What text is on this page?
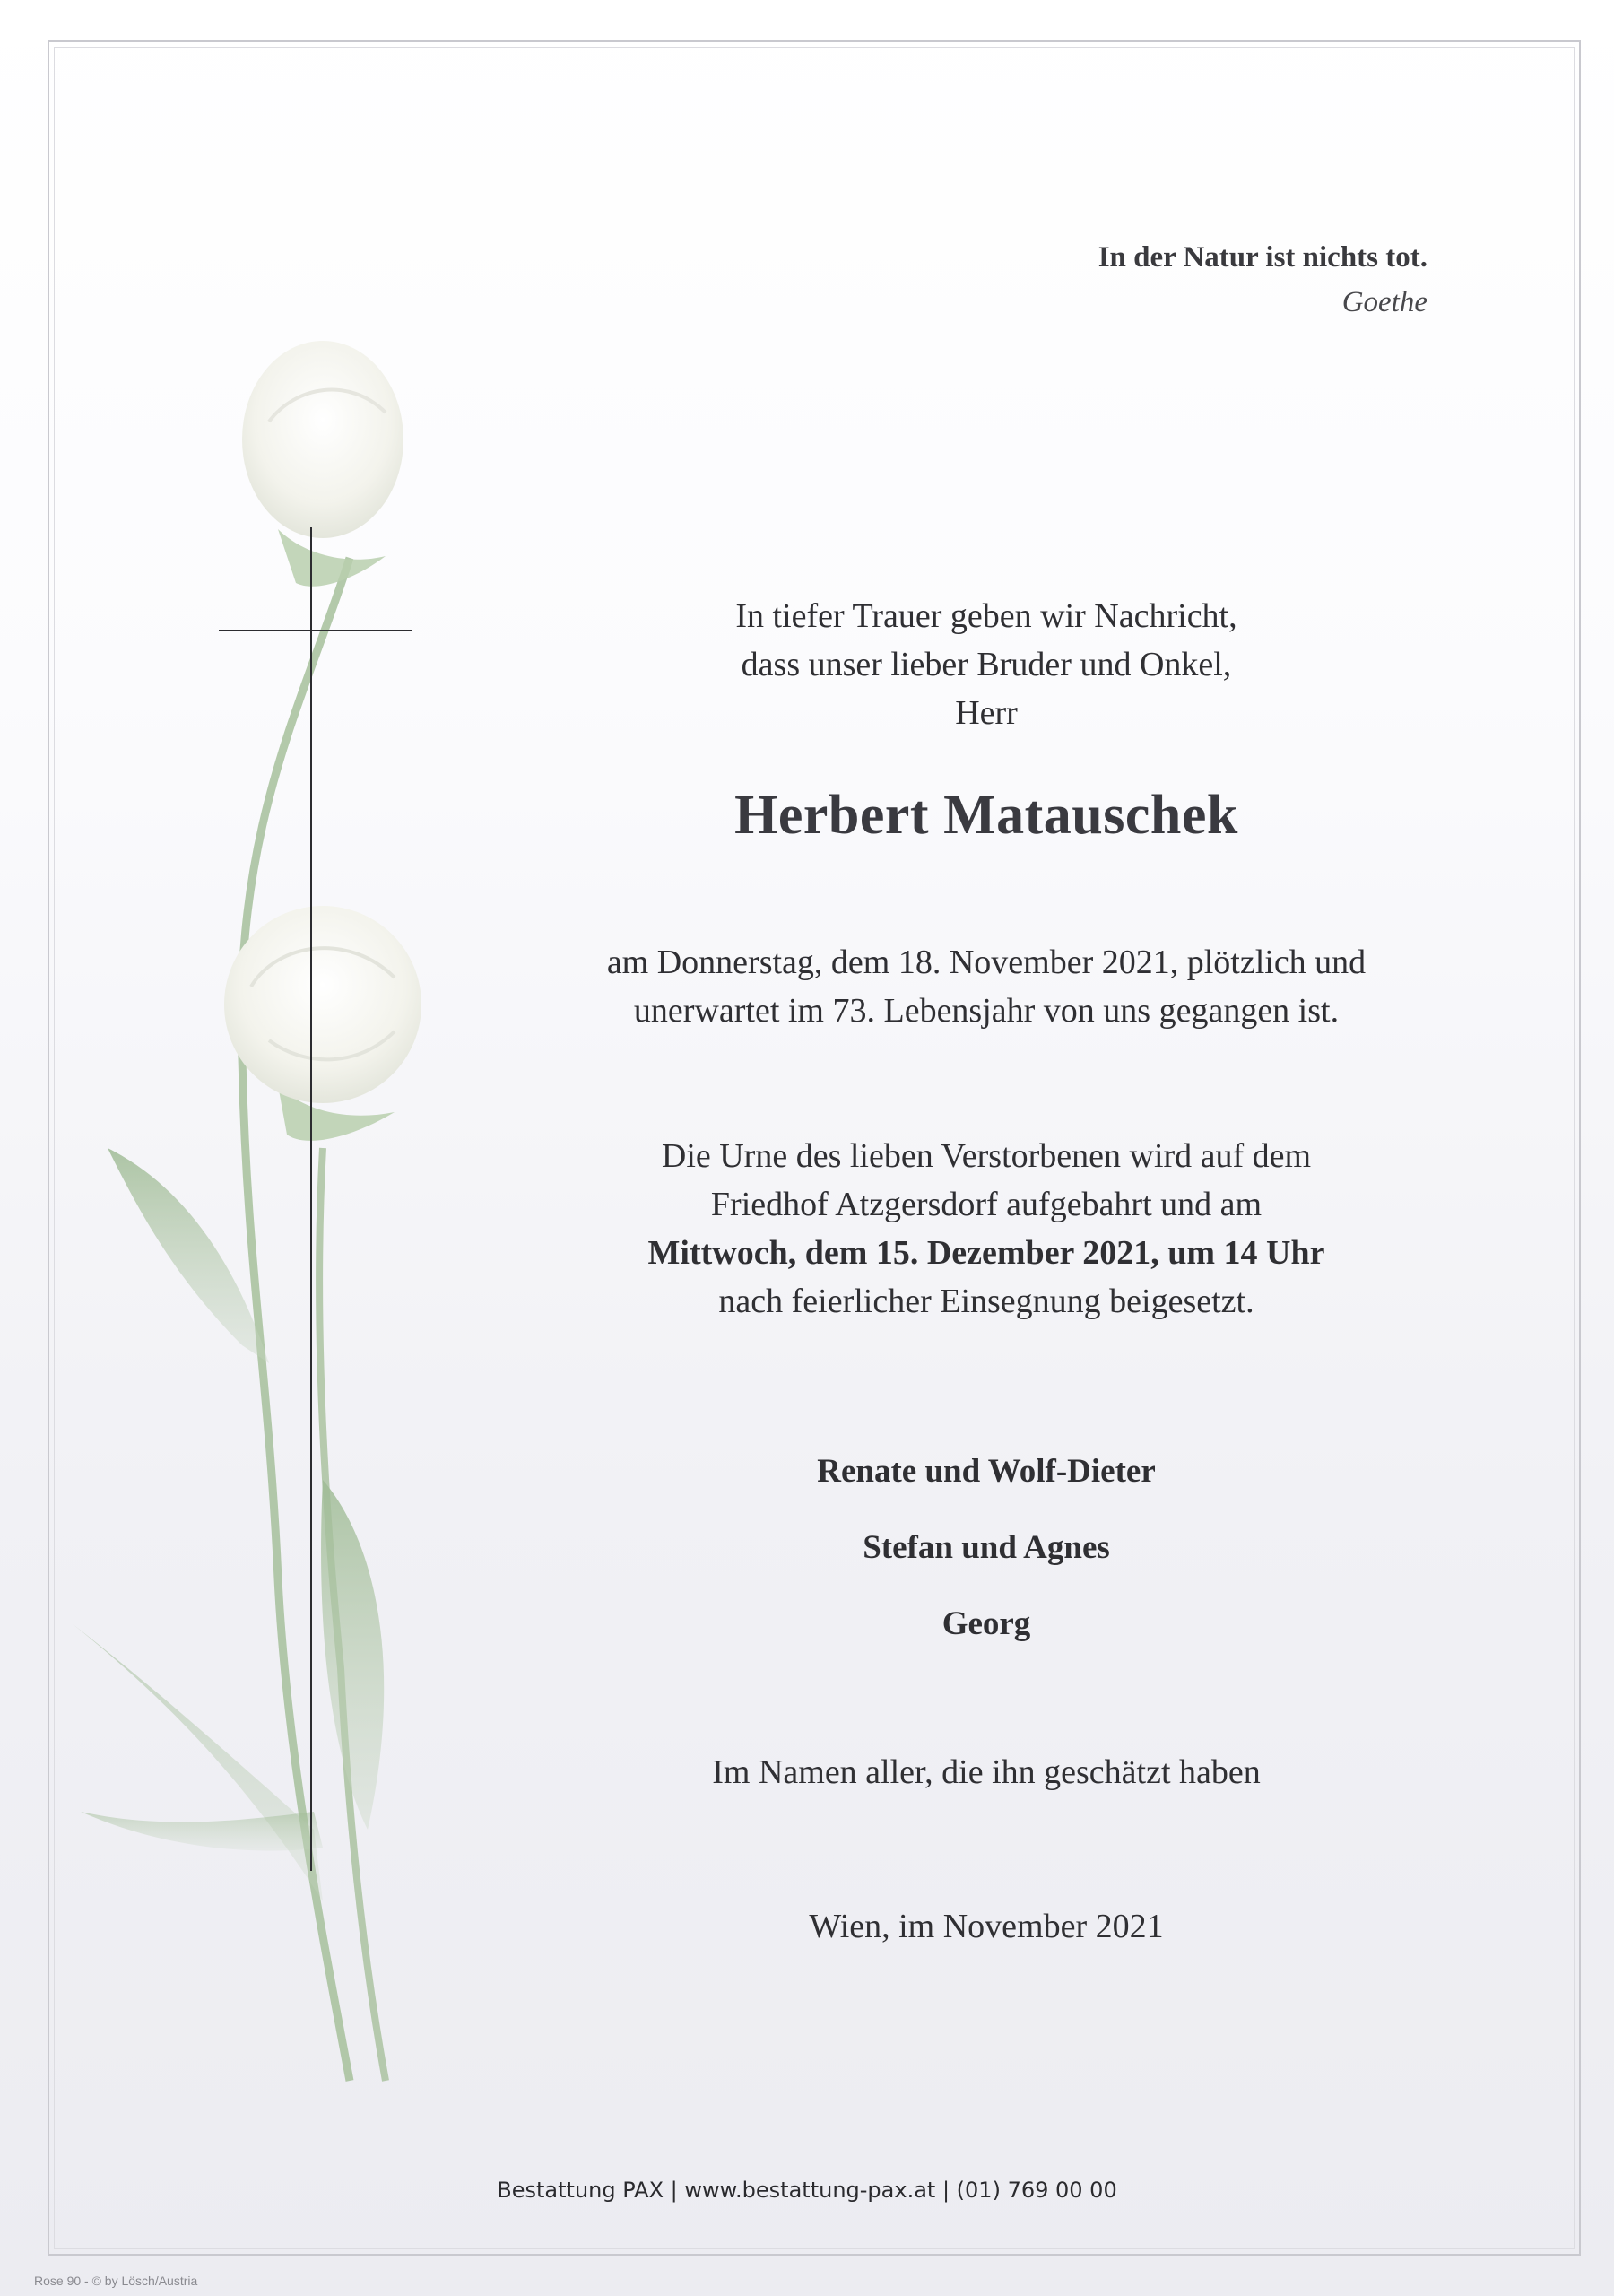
In der Natur ist nichts tot.
Goethe
In tiefer Trauer geben wir Nachricht,
dass unser lieber Bruder und Onkel,
Herr
Herbert Matauschek
am Donnerstag, dem 18. November 2021, plötzlich und
unerwartet im 73. Lebensjahr von uns gegangen ist.
Die Urne des lieben Verstorbenen wird auf dem
Friedhof Atzgersdorf aufgebahrt und am
Mittwoch, dem 15. Dezember 2021, um 14 Uhr
nach feierlicher Einsegnung beigesetzt.
Renate und Wolf-Dieter
Stefan und Agnes
Georg
Im Namen aller, die ihn geschätzt haben
Wien, im November 2021
Bestattung PAX | www.bestattung-pax.at | (01) 769 00 00
Rose 90 - © by Lösch/Austria
